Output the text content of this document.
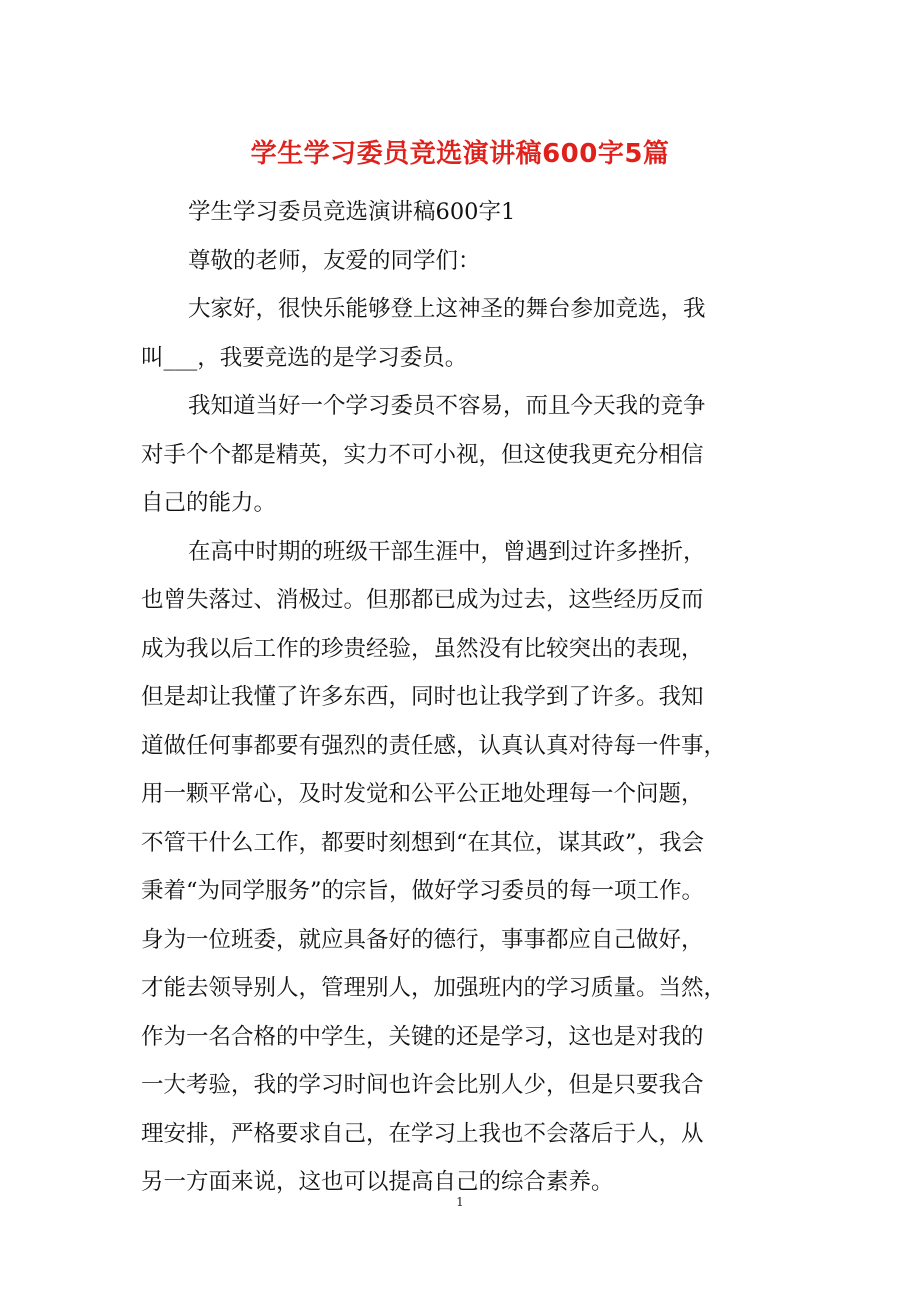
学生学习委员竞选演讲稿600字5篇
学生学习委员竞选演讲稿600字1
尊敬的老师，友爱的同学们：
大家好，很快乐能够登上这神圣的舞台参加竞选，我
叫___，我要竞选的是学习委员。
我知道当好一个学习委员不容易，而且今天我的竞争
对手个个都是精英，实力不可小视，但这使我更充分相信
自己的能力。
在高中时期的班级干部生涯中，曾遇到过许多挫折，
也曾失落过、消极过。但那都已成为过去，这些经历反而
成为我以后工作的珍贵经验，虽然没有比较突出的表现，
但是却让我懂了许多东西，同时也让我学到了许多。我知
道做任何事都要有强烈的责任感，认真认真对待每一件事，
用一颗平常心，及时发觉和公平公正地处理每一个问题，
不管干什么工作，都要时刻想到“在其位，谋其政”，我会
秉着“为同学服务”的宗旨，做好学习委员的每一项工作。
身为一位班委，就应具备好的德行，事事都应自己做好，
才能去领导别人，管理别人，加强班内的学习质量。当然，
作为一名合格的中学生，关键的还是学习，这也是对我的
一大考验，我的学习时间也许会比别人少，但是只要我合
理安排，严格要求自己，在学习上我也不会落后于人，从
另一方面来说，这也可以提高自己的综合素养。
1
